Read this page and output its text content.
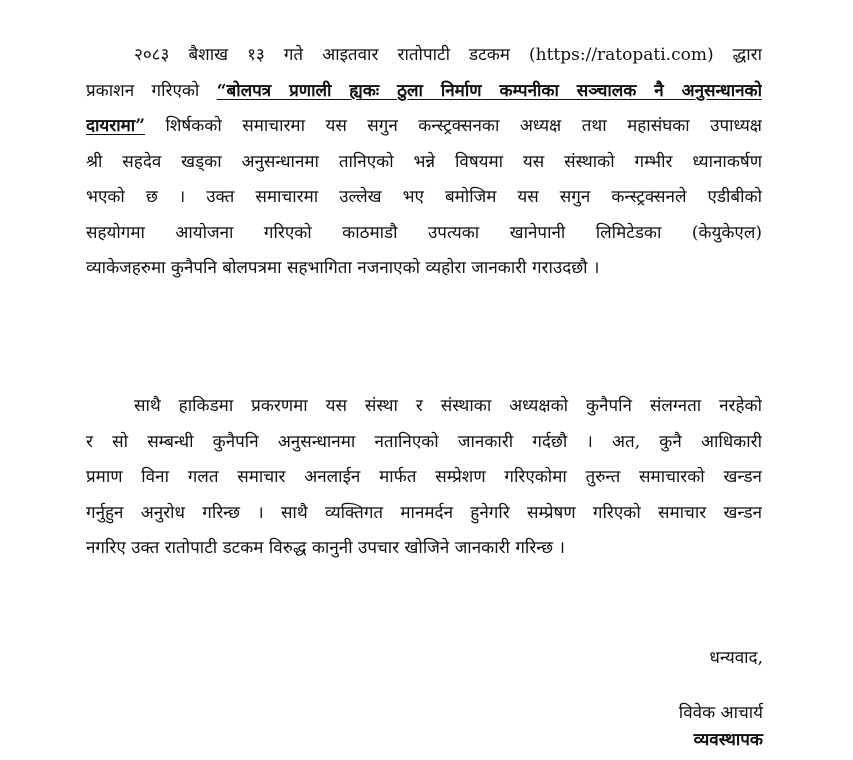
२०८३ बैशाख १३ गते आइतवार रातोपाटी डटकम (https://ratopati.com) द्धारा
प्रकाशन गरिएको “बोलपत्र प्रणाली ह्यकः ठुला निर्माण कम्पनीका सञ्चालक नै अनुसन्धानको
दायरामा” शिर्षकको समाचारमा यस सगुन कन्स्ट्रक्सनका अध्यक्ष तथा महासंघका उपाध्यक्ष
श्री सहदेव खड्का अनुसन्धानमा तानिएको भन्ने विषयमा यस संस्थाको गम्भीर ध्यानाकर्षण
भएको छ । उक्त समाचारमा उल्लेख भए बमोजिम यस सगुन कन्स्ट्रक्सनले एडीबीको
सहयोगमा आयोजना गरिएको काठमाडौ उपत्यका खानेपानी लिमिटेडका (केयुकेएल)
व्याकेजहरुमा कुनैपनि बोलपत्रमा सहभागिता नजनाएको व्यहोरा जानकारी गराउदछौ ।
साथै हाकिडमा प्रकरणमा यस संस्था र संस्थाका अध्यक्षको कुनैपनि संलग्नता नरहेको
र सो सम्बन्धी कुनैपनि अनुसन्धानमा नतानिएको जानकारी गर्दछौ । अत, कुनै आधिकारी
प्रमाण विना गलत समाचार अनलाईन मार्फत सम्प्रेशण गरिएकोमा तुरुन्त समाचारको खन्डन
गर्नुहुन अनुरोध गरिन्छ । साथै व्यक्तिगत मानमर्दन हुनेगरि सम्प्रेषण गरिएको समाचार खन्डन
नगरिए उक्त रातोपाटी डटकम विरुद्ध कानुनी उपचार खोजिने जानकारी गरिन्छ ।

धन्यवाद,

विवेक आचार्य

व्यवस्थापक
